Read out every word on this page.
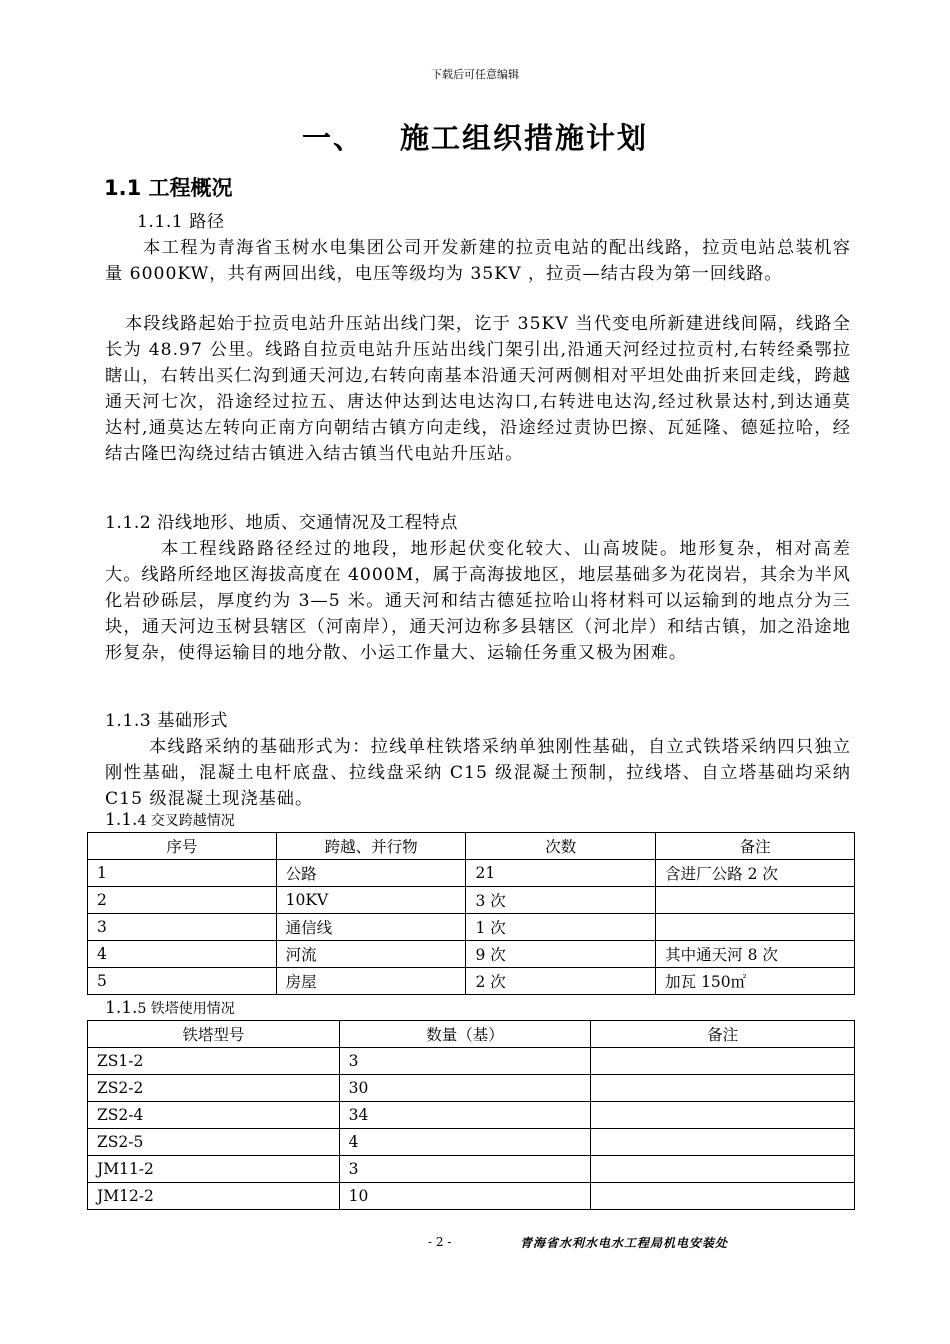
下载后可任意编辑
一、 施工组织措施计划
1.1 工程概况
1.1.1 路径
本工程为青海省玉树水电集团公司开发新建的拉贡电站的配出线路，拉贡电站总装机容量 6000KW，共有两回出线，电压等级均为 35KV ，拉贡—结古段为第一回线路。
本段线路起始于拉贡电站升压站出线门架，讫于 35KV 当代变电所新建进线间隔，线路全长为 48.97 公里。线路自拉贡电站升压站出线门架引出,沿通天河经过拉贡村,右转经桑鄂拉瞎山，右转出买仁沟到通天河边,右转向南基本沿通天河两侧相对平坦处曲折来回走线，跨越通天河七次，沿途经过拉五、唐达仲达到达电达沟口,右转进电达沟,经过秋景达村,到达通莫达村,通莫达左转向正南方向朝结古镇方向走线，沿途经过责协巴擦、瓦延隆、德延拉哈，经结古隆巴沟绕过结古镇进入结古镇当代电站升压站。
1.1.2 沿线地形、地质、交通情况及工程特点
本工程线路路径经过的地段，地形起伏变化较大、山高坡陡。地形复杂，相对高差大。线路所经地区海拔高度在 4000M，属于高海拔地区，地层基础多为花岗岩，其余为半风化岩砂砾层，厚度约为 3—5 米。通天河和结古德延拉哈山将材料可以运输到的地点分为三块，通天河边玉树县辖区（河南岸），通天河边称多县辖区（河北岸）和结古镇，加之沿途地形复杂，使得运输目的地分散、小运工作量大、运输任务重又极为困难。
1.1.3 基础形式
本线路采纳的基础形式为：拉线单柱铁塔采纳单独刚性基础，自立式铁塔采纳四只独立刚性基础，混凝土电杆底盘、拉线盘采纳 C15 级混凝土预制，拉线塔、自立塔基础均采纳 C15 级混凝土现浇基础。
1.1.4 交叉跨越情况
序号	跨越、并行物	次数	备注
1	公路	21	含进厂公路 2 次
2	10KV	3 次	
3	通信线	1 次	
4	河流	9 次	其中通天河 8 次
5	房屋	2 次	加瓦 150㎡
1.1.5 铁塔使用情况
铁塔型号	数量（基）	备注
ZS1-2	3	
ZS2-2	30	
ZS2-4	34	
ZS2-5	4	
JM11-2	3	
JM12-2	10	
- 2 -	青海省水利水电水工程局机电安装处
